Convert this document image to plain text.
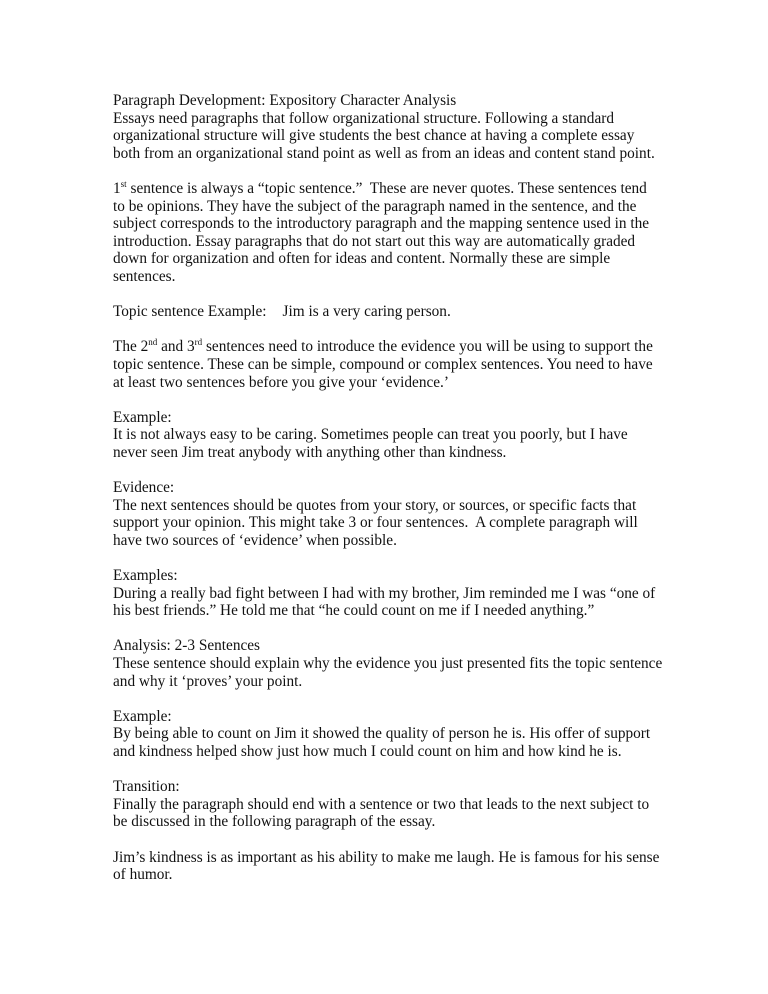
Paragraph Development: Expository Character Analysis
Essays need paragraphs that follow organizational structure. Following a standard
organizational structure will give students the best chance at having a complete essay
both from an organizational stand point as well as from an ideas and content stand point.
1st sentence is always a “topic sentence.”  These are never quotes. These sentences tend
to be opinions. They have the subject of the paragraph named in the sentence, and the
subject corresponds to the introductory paragraph and the mapping sentence used in the
introduction. Essay paragraphs that do not start out this way are automatically graded
down for organization and often for ideas and content. Normally these are simple
sentences.
Topic sentence Example: Jim is a very caring person.
The 2nd and 3rd sentences need to introduce the evidence you will be using to support the
topic sentence. These can be simple, compound or complex sentences. You need to have
at least two sentences before you give your ‘evidence.’
Example:
It is not always easy to be caring. Sometimes people can treat you poorly, but I have
never seen Jim treat anybody with anything other than kindness.
Evidence:
The next sentences should be quotes from your story, or sources, or specific facts that
support your opinion. This might take 3 or four sentences.  A complete paragraph will
have two sources of ‘evidence’ when possible.
Examples:
During a really bad fight between I had with my brother, Jim reminded me I was “one of
his best friends.” He told me that “he could count on me if I needed anything.”
Analysis: 2-3 Sentences
These sentence should explain why the evidence you just presented fits the topic sentence
and why it ‘proves’ your point.
Example:
By being able to count on Jim it showed the quality of person he is. His offer of support
and kindness helped show just how much I could count on him and how kind he is.
Transition:
Finally the paragraph should end with a sentence or two that leads to the next subject to
be discussed in the following paragraph of the essay.
Jim’s kindness is as important as his ability to make me laugh. He is famous for his sense
of humor.
